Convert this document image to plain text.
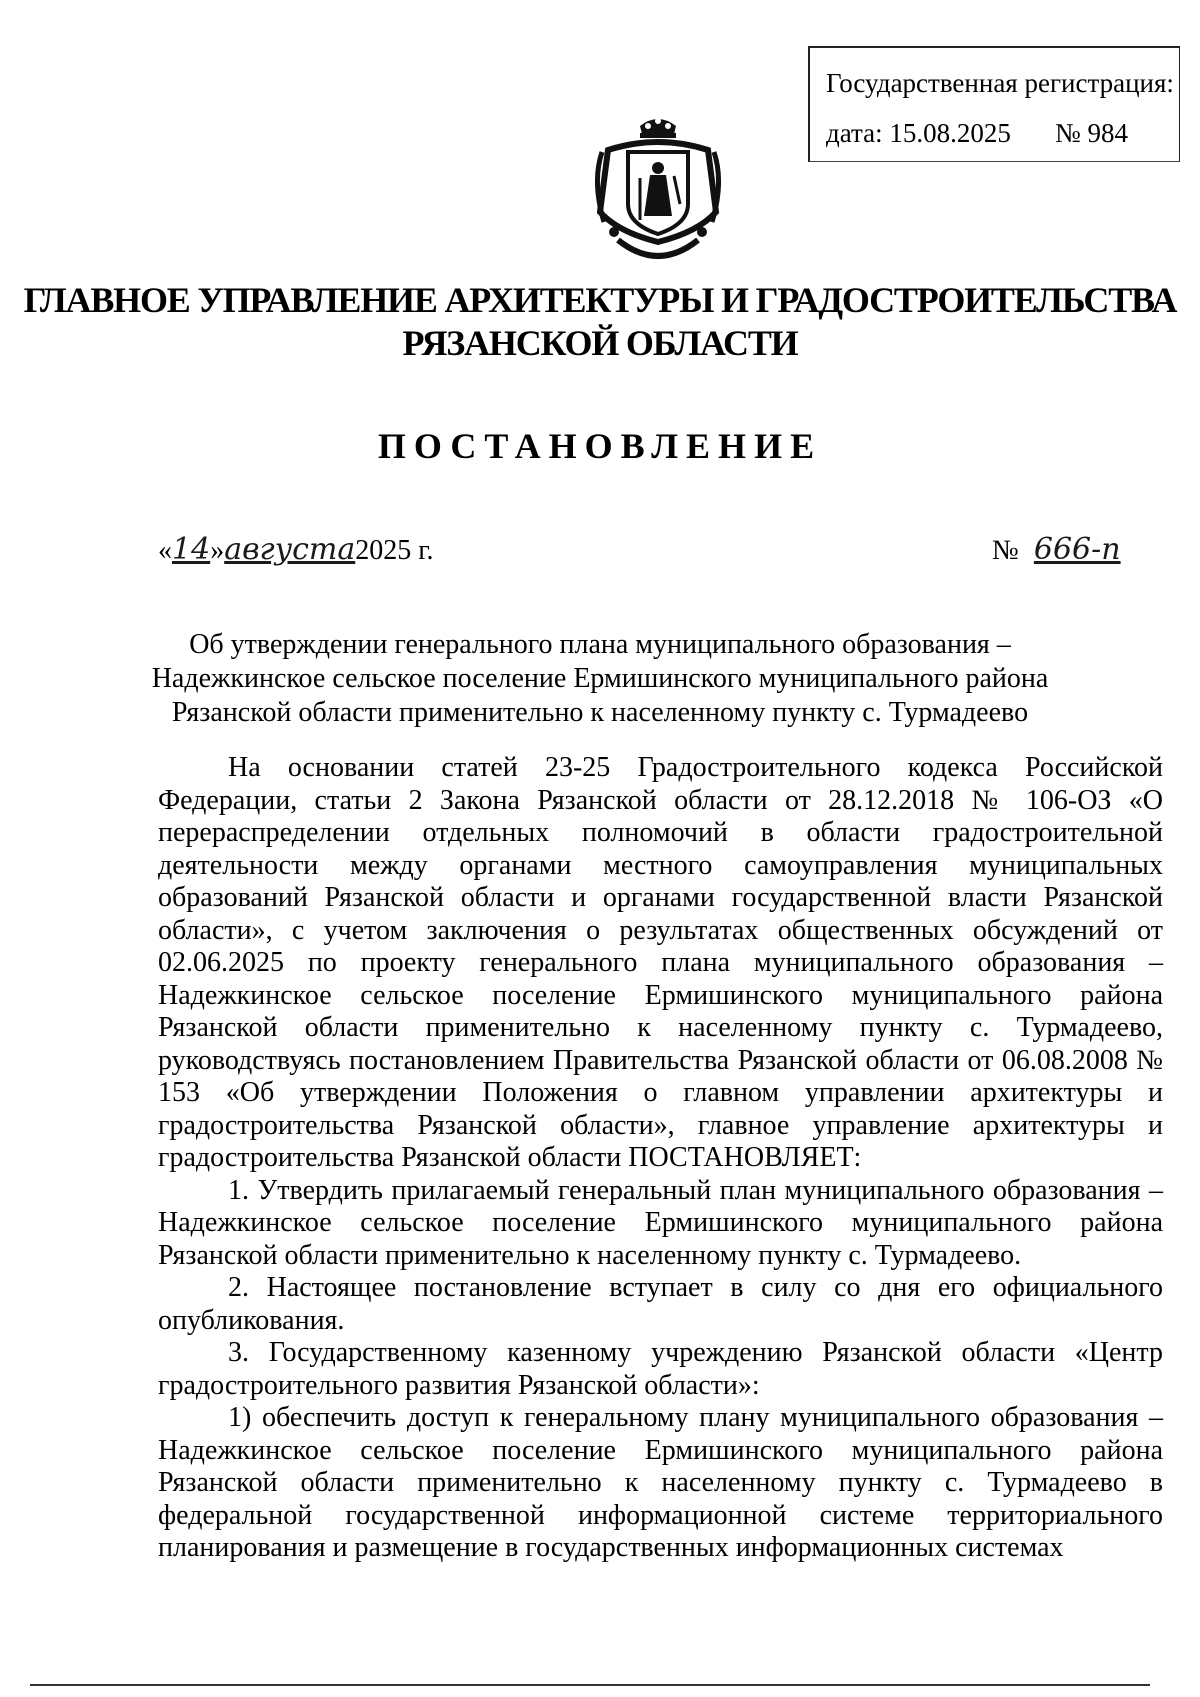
Государственная регистрация:
дата: 15.08.2025 № 984
ГЛАВНОЕ УПРАВЛЕНИЕ АРХИТЕКТУРЫ И ГРАДОСТРОИТЕЛЬСТВА
РЯЗАНСКОЙ ОБЛАСТИ
ПОСТАНОВЛЕНИЕ
«14»августа2025 г.	№ 666-п
Об утверждении генерального плана муниципального образования –
Надежкинское сельское поселение Ермишинского муниципального района
Рязанской области применительно к населенному пункту с. Турмадеево

На основании статей 23-25 Градостроительного кодекса Российской Федерации, статьи 2 Закона Рязанской области от 28.12.2018 № 106-ОЗ «О перераспределении отдельных полномочий в области градостроительной деятельности между органами местного самоуправления муниципальных образований Рязанской области и органами государственной власти Рязанской области», с учетом заключения о результатах общественных обсуждений от 02.06.2025 по проекту генерального плана муниципального образования – Надежкинское сельское поселение Ермишинского муниципального района Рязанской области применительно к населенному пункту с. Турмадеево, руководствуясь постановлением Правительства Рязанской области от 06.08.2008 № 153 «Об утверждении Положения о главном управлении архитектуры и градостроительства Рязанской области», главное управление архитектуры и градостроительства Рязанской области ПОСТАНОВЛЯЕТ:

1. Утвердить прилагаемый генеральный план муниципального образования – Надежкинское сельское поселение Ермишинского муниципального района Рязанской области применительно к населенному пункту с. Турмадеево.

2. Настоящее постановление вступает в силу со дня его официального опубликования.

3. Государственному казенному учреждению Рязанской области «Центр градостроительного развития Рязанской области»:

1) обеспечить доступ к генеральному плану муниципального образования – Надежкинское сельское поселение Ермишинского муниципального района Рязанской области применительно к населенному пункту с. Турмадеево в федеральной государственной информационной системе территориального планирования и размещение в государственных информационных системах
